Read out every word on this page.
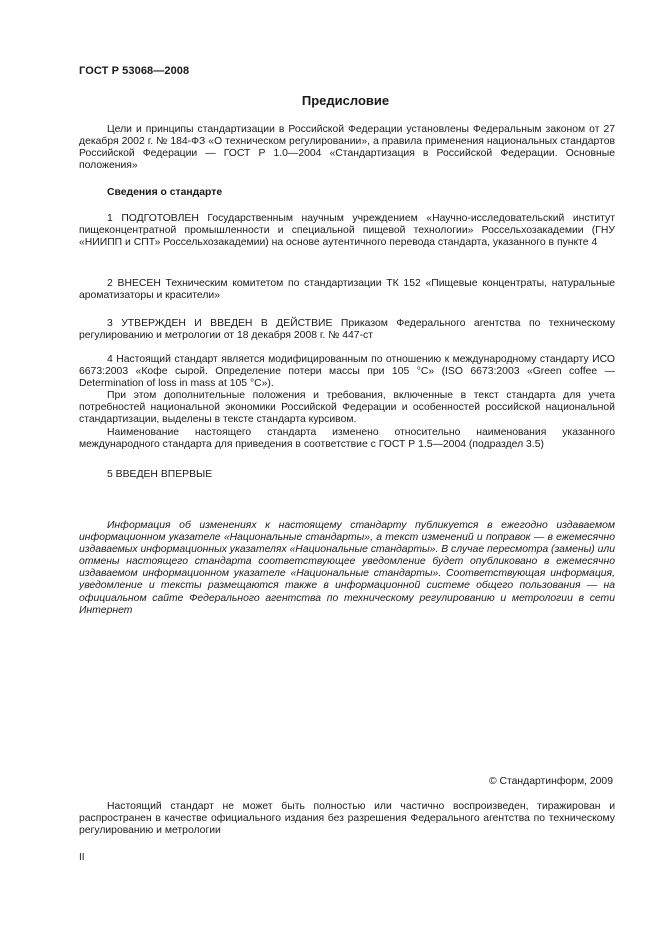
ГОСТ Р 53068—2008
Предисловие

Цели и принципы стандартизации в Российской Федерации установлены Федеральным законом от 27 декабря 2002 г. № 184-ФЗ «О техническом регулировании», а правила применения национальных стандартов Российской Федерации — ГОСТ Р 1.0—2004 «Стандартизация в Российской Федерации. Основные положения»

Сведения о стандарте

1 ПОДГОТОВЛЕН Государственным научным учреждением «Научно-исследовательский институт пищеконцентратной промышленности и специальной пищевой технологии» Россельхозакадемии (ГНУ «НИИПП и СПТ» Россельхозакадемии) на основе аутентичного перевода стандарта, указанного в пункте 4

2 ВНЕСЕН Техническим комитетом по стандартизации ТК 152 «Пищевые концентраты, натуральные ароматизаторы и красители»

3 УТВЕРЖДЕН И ВВЕДЕН В ДЕЙСТВИЕ Приказом Федерального агентства по техническому регулированию и метрологии от 18 декабря 2008 г. № 447-ст

4 Настоящий стандарт является модифицированным по отношению к международному стандарту ИСО 6673:2003 «Кофе сырой. Определение потери массы при 105 °С» (ISO 6673:2003 «Green coffee — Determination of loss in mass at 105 °C»).

При этом дополнительные положения и требования, включенные в текст стандарта для учета потребностей национальной экономики Российской Федерации и особенностей российской национальной стандартизации, выделены в тексте стандарта курсивом.

Наименование настоящего стандарта изменено относительно наименования указанного международного стандарта для приведения в соответствие с ГОСТ Р 1.5—2004 (подраздел 3.5)

5 ВВЕДЕН ВПЕРВЫЕ

Информация об изменениях к настоящему стандарту публикуется в ежегодно издаваемом информационном указателе «Национальные стандарты», а текст изменений и поправок — в ежемесячно издаваемых информационных указателях «Национальные стандарты». В случае пересмотра (замены) или отмены настоящего стандарта соответствующее уведомление будет опубликовано в ежемесячно издаваемом информационном указателе «Национальные стандарты». Соответствующая информация, уведомление и тексты размещаются также в информационной системе общего пользования — на официальном сайте Федерального агентства по техническому регулированию и метрологии в сети Интернет

© Стандартинформ, 2009

Настоящий стандарт не может быть полностью или частично воспроизведен, тиражирован и распространен в качестве официального издания без разрешения Федерального агентства по техническому регулированию и метрологии

II
